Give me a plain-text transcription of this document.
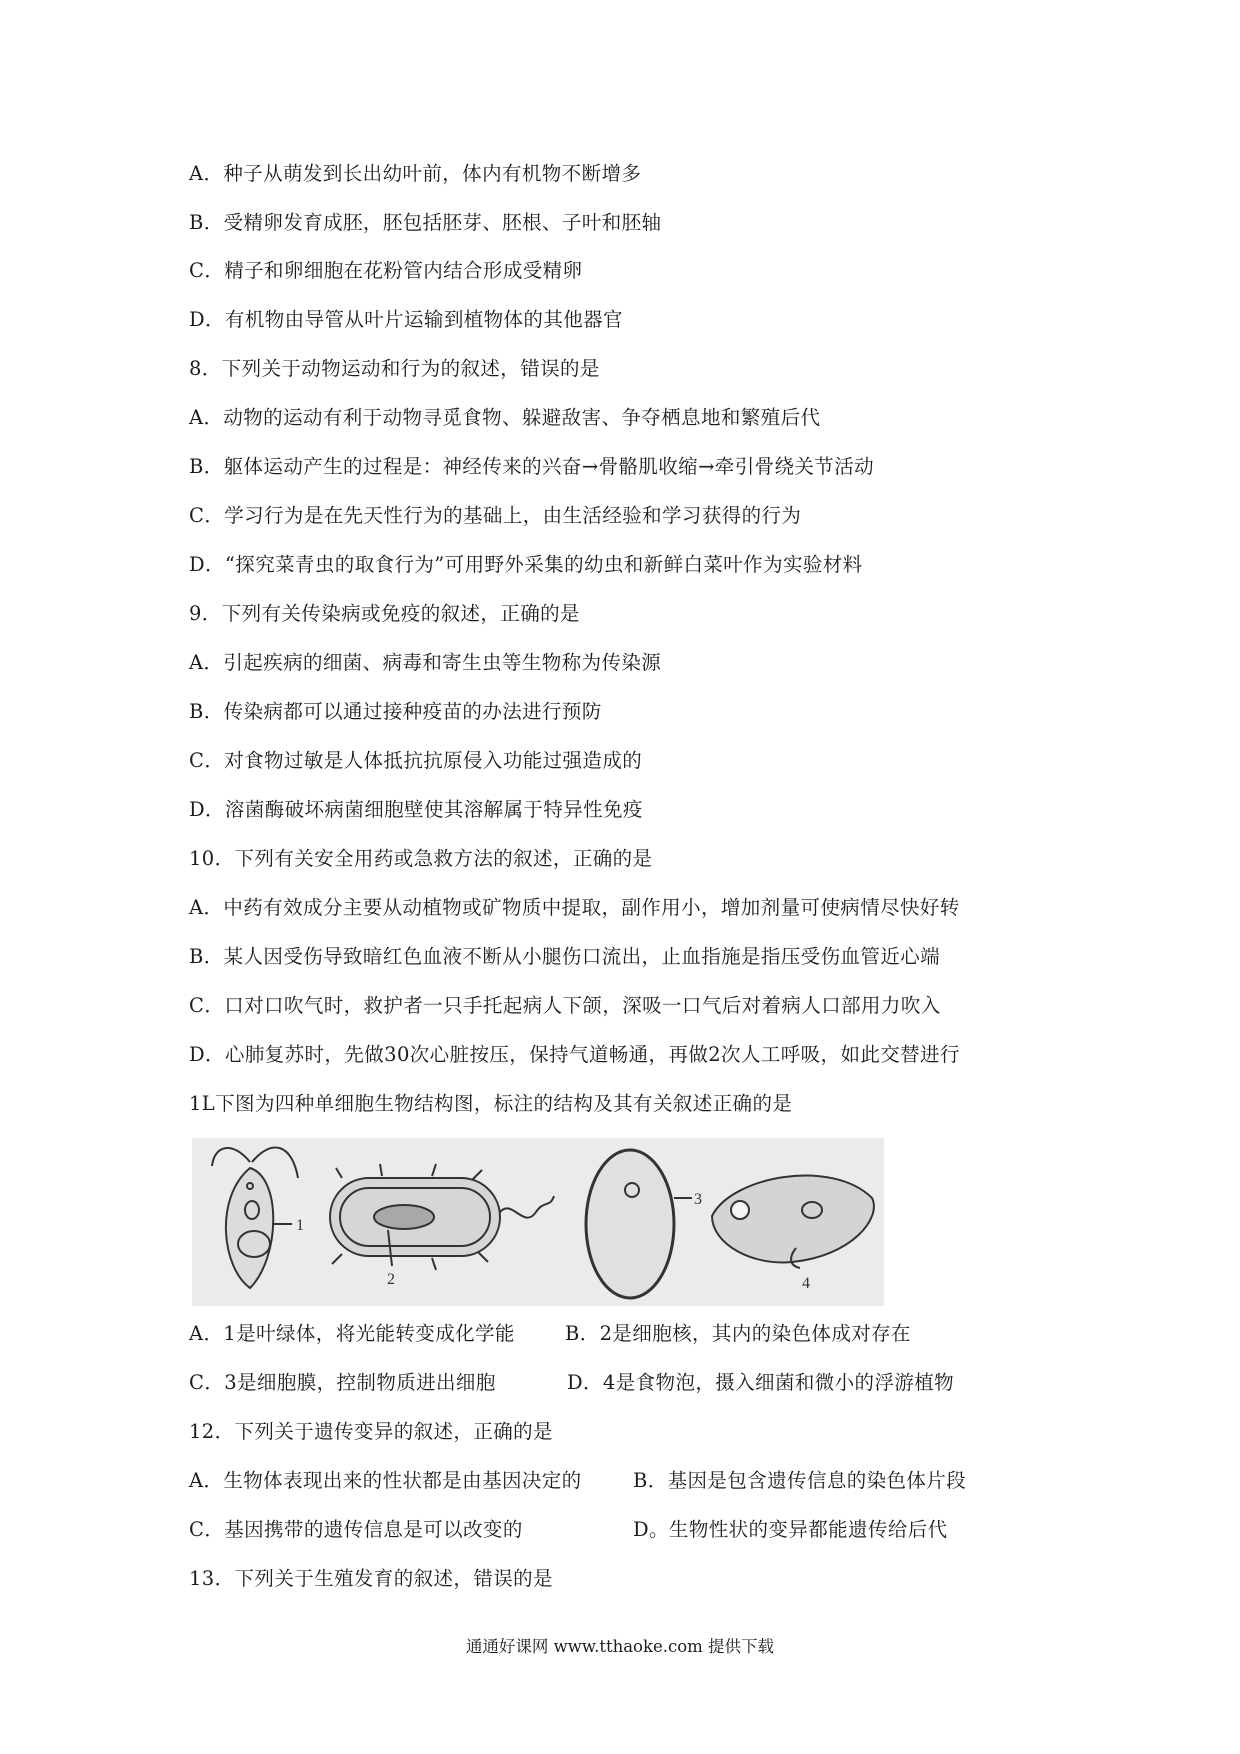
A．种子从萌发到长出幼叶前，体内有机物不断增多
B．受精卵发育成胚，胚包括胚芽、胚根、子叶和胚轴
C．精子和卵细胞在花粉管内结合形成受精卵
D．有机物由导管从叶片运输到植物体的其他器官
8．下列关于动物运动和行为的叙述，错误的是
A．动物的运动有利于动物寻觅食物、躲避敌害、争夺栖息地和繁殖后代
B．躯体运动产生的过程是：神经传来的兴奋→骨骼肌收缩→牵引骨绕关节活动
C．学习行为是在先天性行为的基础上，由生活经验和学习获得的行为
D．“探究菜青虫的取食行为”可用野外采集的幼虫和新鲜白菜叶作为实验材料
9．下列有关传染病或免疫的叙述，正确的是
A．引起疾病的细菌、病毒和寄生虫等生物称为传染源
B．传染病都可以通过接种疫苗的办法进行预防
C．对食物过敏是人体抵抗抗原侵入功能过强造成的
D．溶菌酶破坏病菌细胞壁使其溶解属于特异性免疫
10．下列有关安全用药或急救方法的叙述，正确的是
A．中药有效成分主要从动植物或矿物质中提取，副作用小，增加剂量可使病情尽快好转
B．某人因受伤导致暗红色血液不断从小腿伤口流出，止血指施是指压受伤血管近心端
C．口对口吹气时，救护者一只手托起病人下颌，深吸一口气后对着病人口部用力吹入
D．心肺复苏时，先做30次心脏按压，保持气道畅通，再做2次人工呼吸，如此交替进行
1L下图为四种单细胞生物结构图，标注的结构及其有关叙述正确的是
1
2
3
4
A．1是叶绿体，将光能转变成化学能	B．2是细胞核，其内的染色体成对存在
C．3是细胞膜，控制物质进出细胞	D．4是食物泡，摄入细菌和微小的浮游植物
12．下列关于遗传变异的叙述，正确的是
A．生物体表现出来的性状都是由基因决定的	B．基因是包含遗传信息的染色体片段
C．基因携带的遗传信息是可以改变的	D。生物性状的变异都能遗传给后代
13．下列关于生殖发育的叙述，错误的是
通通好课网 www.tthaoke.com 提供下载
